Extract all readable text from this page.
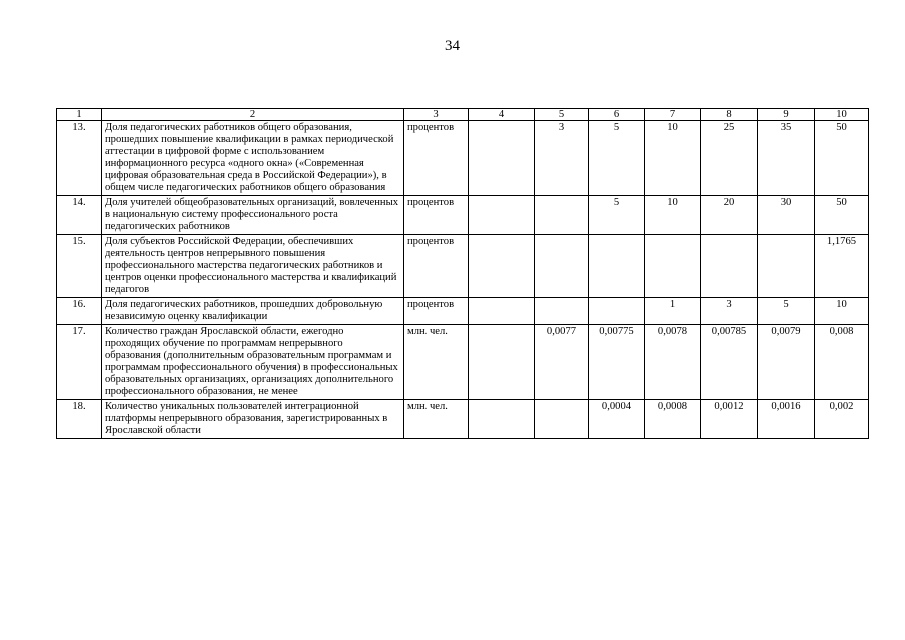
34
1	2	3	4	5	6	7	8	9	10
13.	Доля педагогических работников общего образования, прошедших повышение квалификации в рамках периодической аттестации в цифровой форме с использованием информационного ресурса «одного окна» («Современная цифровая образовательная среда в Российской Федерации»), в общем числе педагогических работников общего образования	процентов		3	5	10	25	35	50
14.	Доля учителей общеобразовательных организаций, вовлеченных в национальную систему профессионального роста педагогических работников	процентов			5	10	20	30	50
15.	Доля субъектов Российской Федерации, обеспечивших деятельность центров непрерывного повышения профессионального мастерства педагогических работников и центров оценки профессионального мастерства и квалификаций педагогов	процентов							1,1765
16.	Доля педагогических работников, прошедших добровольную независимую оценку квалификации	процентов				1	3	5	10
17.	Количество граждан Ярославской области, ежегодно проходящих обучение по программам непрерывного образования (дополнительным образовательным программам и программам профессионального обучения) в профессиональных образовательных организациях, организациях дополнительного профессионального образования, не менее	млн. чел.		0,0077	0,00775	0,0078	0,00785	0,0079	0,008
18.	Количество уникальных пользователей интеграционной платформы непрерывного образования, зарегистрированных в Ярославской области	млн. чел.			0,0004	0,0008	0,0012	0,0016	0,002
